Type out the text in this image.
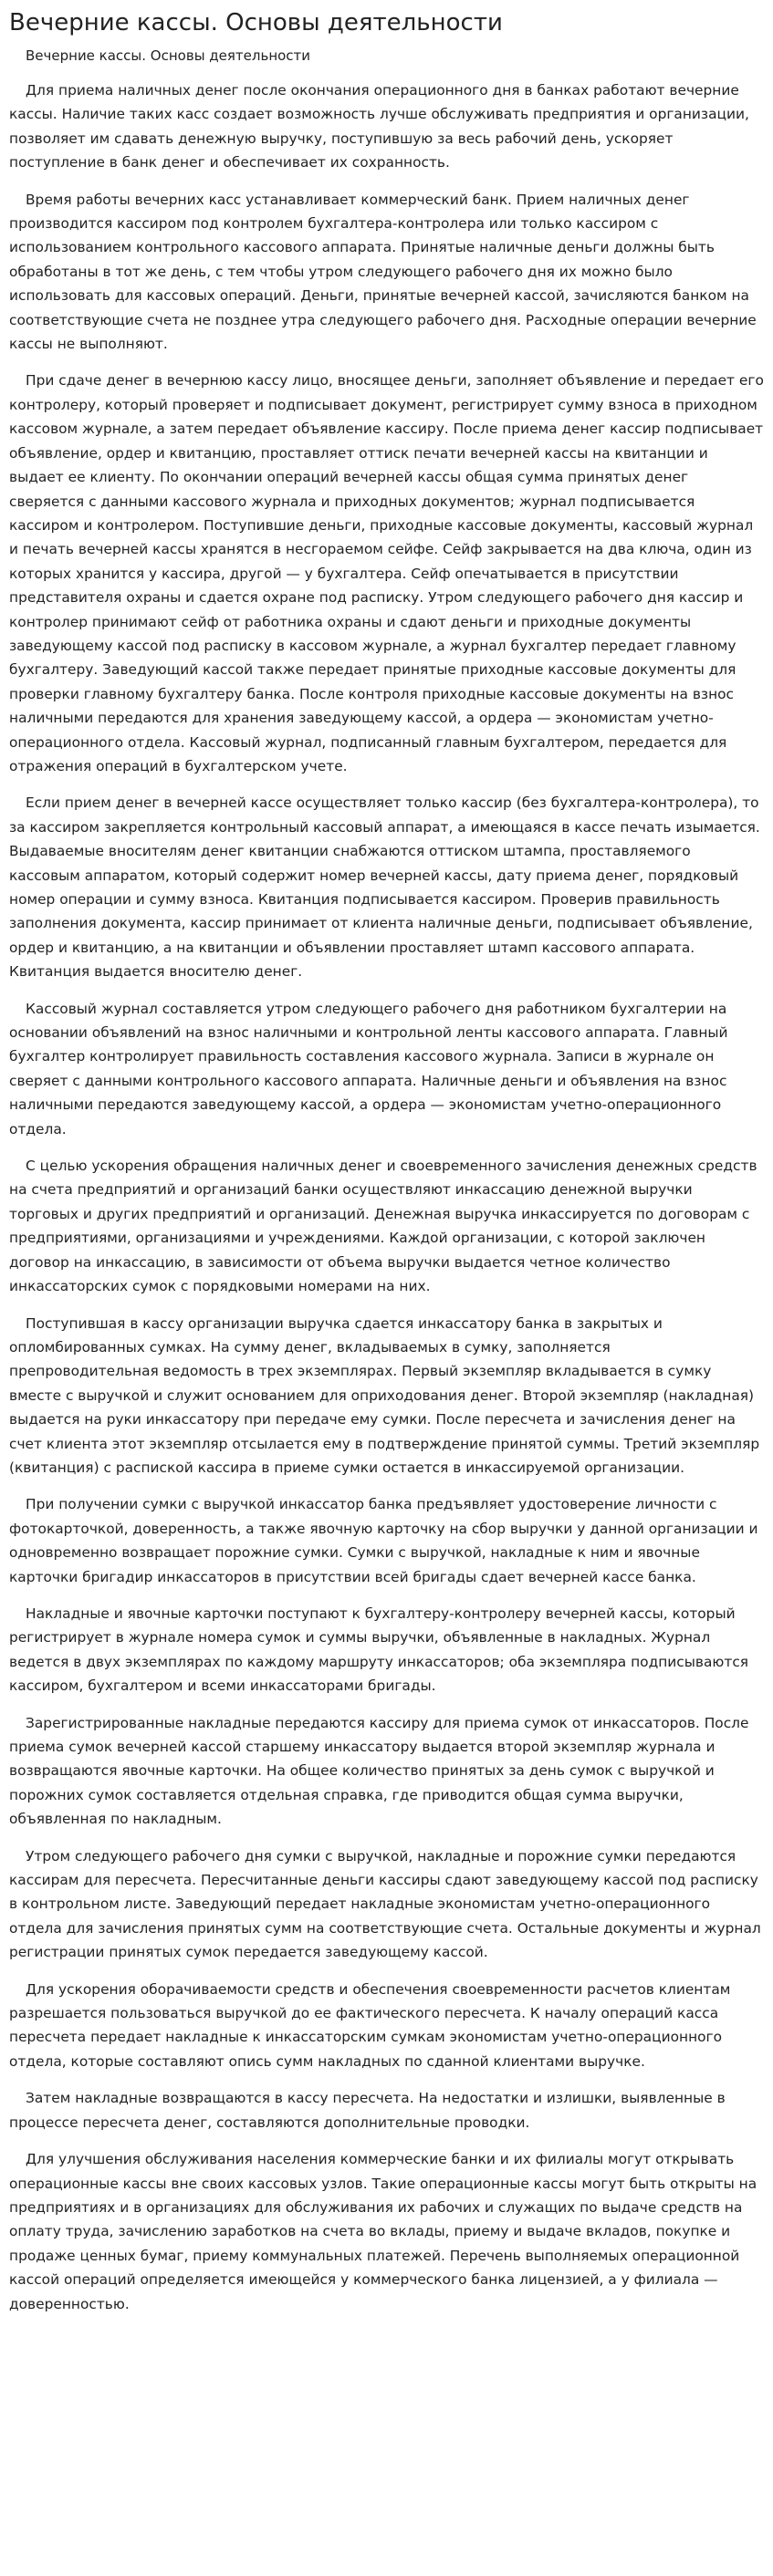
Вечерние кассы. Основы деятельности
Вечерние кассы. Основы деятельности

Для приема наличных денег после окончания операционного дня в банках работают вечерние кассы. Наличие таких касс создает возможность лучше обслуживать предприятия и организации, позволяет им сдавать денежную выручку, поступившую за весь рабочий день, ускоряет поступление в банк денег и обеспечивает их сохранность.

Время работы вечерних касс устанавливает коммерческий банк. Прием наличных денег производится кассиром под контролем бухгалтера-контролера или только кассиром с использованием контрольного кассового аппарата. Принятые наличные деньги должны быть обработаны в тот же день, с тем чтобы утром следующего рабочего дня их можно было использовать для кассовых операций. Деньги, принятые вечерней кассой, зачисляются банком на соответствующие счета не позднее утра следующего рабочего дня. Расходные операции вечерние кассы не выполняют.

При сдаче денег в вечернюю кассу лицо, вносящее деньги, заполняет объявление и передает его контролеру, который проверяет и подписывает документ, регистрирует сумму взноса в приходном кассовом журнале, а затем передает объявление кассиру. После приема денег кассир подписывает объявление, ордер и квитанцию, проставляет оттиск печати вечерней кассы на квитанции и выдает ее клиенту. По окончании операций вечерней кассы общая сумма принятых денег сверяется с данными кассового журнала и приходных документов; журнал подписывается кассиром и контролером. Поступившие деньги, приходные кассовые документы, кассовый журнал и печать вечерней кассы хранятся в несгораемом сейфе. Сейф закрывается на два ключа, один из которых хранится у кассира, другой — у бухгалтера. Сейф опечатывается в присутствии представителя охраны и сдается охране под расписку. Утром следующего рабочего дня кассир и контролер принимают сейф от работника охраны и сдают деньги и приходные документы заведующему кассой под расписку в кассовом журнале, а журнал бухгалтер передает главному бухгалтеру. Заведующий кассой также передает принятые приходные кассовые документы для проверки главному бухгалтеру банка. После контроля приходные кассовые документы на взнос наличными передаются для хранения заведующему кассой, а ордера — экономистам учетно-операционного отдела. Кассовый журнал, подписанный главным бухгалтером, передается для отражения операций в бухгалтерском учете.

Если прием денег в вечерней кассе осуществляет только кассир (без бухгалтера-контролера), то за кассиром закрепляется контрольный кассовый аппарат, а имеющаяся в кассе печать изымается. Выдаваемые вносителям денег квитанции снабжаются оттиском штампа, проставляемого кассовым аппаратом, который содержит номер вечерней кассы, дату приема денег, порядковый номер операции и сумму взноса. Квитанция подписывается кассиром. Проверив правильность заполнения документа, кассир принимает от клиента наличные деньги, подписывает объявление, ордер и квитанцию, а на квитанции и объявлении проставляет штамп кассового аппарата. Квитанция выдается вносителю денег.

Кассовый журнал составляется утром следующего рабочего дня работником бухгалтерии на основании объявлений на взнос наличными и контрольной ленты кассового аппарата. Главный бухгалтер контролирует правильность составления кассового журнала. Записи в журнале он сверяет с данными контрольного кассового аппарата. Наличные деньги и объявления на взнос наличными передаются заведующему кассой, а ордера — экономистам учетно-операционного отдела.

С целью ускорения обращения наличных денег и своевременного зачисления денежных средств на счета предприятий и организаций банки осуществляют инкассацию денежной выручки торговых и других предприятий и организаций. Денежная выручка инкассируется по договорам с предприятиями, организациями и учреждениями. Каждой организации, с которой заключен договор на инкассацию, в зависимости от объема выручки выдается четное количество инкассаторских сумок с порядковыми номерами на них.

Поступившая в кассу организации выручка сдается инкассатору банка в закрытых и опломбированных сумках. На сумму денег, вкладываемых в сумку, заполняется препроводительная ведомость в трех экземплярах. Первый экземпляр вкладывается в сумку вместе с выручкой и служит основанием для оприходования денег. Второй экземпляр (накладная) выдается на руки инкассатору при передаче ему сумки. После пересчета и зачисления денег на счет клиента этот экземпляр отсылается ему в подтверждение принятой суммы. Третий экземпляр (квитанция) с распиской кассира в приеме сумки остается в инкассируемой организации.

При получении сумки с выручкой инкассатор банка предъявляет удостоверение личности с фотокарточкой, доверенность, а также явочную карточку на сбор выручки у данной организации и одновременно возвращает порожние сумки. Сумки с выручкой, накладные к ним и явочные карточки бригадир инкассаторов в присутствии всей бригады сдает вечерней кассе банка.

Накладные и явочные карточки поступают к бухгалтеру-контролеру вечерней кассы, который регистрирует в журнале номера сумок и суммы выручки, объявленные в накладных. Журнал ведется в двух экземплярах по каждому маршруту инкассаторов; оба экземпляра подписываются кассиром, бухгалтером и всеми инкассаторами бригады.

Зарегистрированные накладные передаются кассиру для приема сумок от инкассаторов. После приема сумок вечерней кассой старшему инкассатору выдается второй экземпляр журнала и возвращаются явочные карточки. На общее количество принятых за день сумок с выручкой и порожних сумок составляется отдельная справка, где приводится общая сумма выручки, объявленная по накладным.

Утром следующего рабочего дня сумки с выручкой, накладные и порожние сумки передаются кассирам для пересчета. Пересчитанные деньги кассиры сдают заведующему кассой под расписку в контрольном листе. Заведующий передает накладные экономистам учетно-операционного отдела для зачисления принятых сумм на соответствующие счета. Остальные документы и журнал регистрации принятых сумок передается заведующему кассой.

Для ускорения оборачиваемости средств и обеспечения своевременности расчетов клиентам разрешается пользоваться выручкой до ее фактического пересчета. К началу операций касса пересчета передает накладные к инкассаторским сумкам экономистам учетно-операционного отдела, которые составляют опись сумм накладных по сданной клиентами выручке.

Затем накладные возвращаются в кассу пересчета. На недостатки и излишки, выявленные в процессе пересчета денег, составляются дополнительные проводки.

Для улучшения обслуживания населения коммерческие банки и их филиалы могут открывать операционные кассы вне своих кассовых узлов. Такие операционные кассы могут быть открыты на предприятиях и в организациях для обслуживания их рабочих и служащих по выдаче средств на оплату труда, зачислению заработков на счета во вклады, приему и выдаче вкладов, покупке и продаже ценных бумаг, приему коммунальных платежей. Перечень выполняемых операционной кассой операций определяется имеющейся у коммерческого банка лицензией, а у филиала — доверенностью.
